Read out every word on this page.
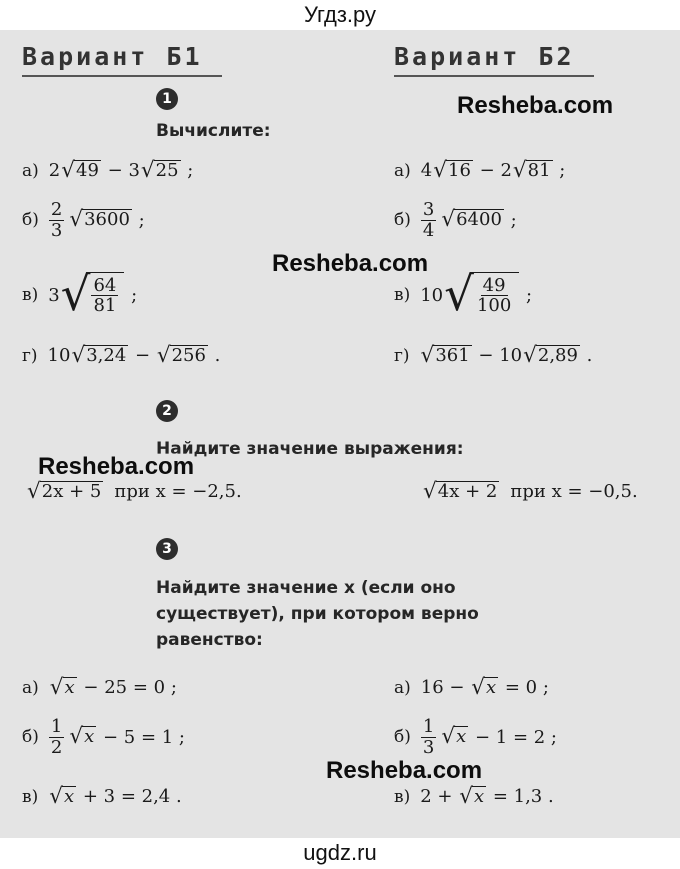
Угдз.ру
Вариант Б1	Вариант Б2
1
Вычислите:
а) 2 √ 49 − 3 √ 25 ;
$б) \frac{2}{3}$ √ 3600 ;
в) 3 √ $\frac{64}{81}$ ;
г) 10 √ 3,24 − √ 256 .
а) 4 √ 16 − 2 √ 81 ;
$б) \frac{3}{4}$ √ 6400 ;
в) 10 √ $\frac{49}{100}$ ;
г) √ 361 − 10 √ 2,89 .
2
Найдите значение выражения:
√ 2x + 5 при x = −2,5.	√ 4x + 2 при x = −0,5.
3
Найдите значение x (если оно
существует), при котором верно
равенство:
а) √ x − 25 = 0 ;
$б) \frac{1}{2}$ √ x − 5 = 1 ;
в) √ x + 3 = 2,4 .
а) 16 − √ x = 0 ;
$б) \frac{1}{3}$ √ x − 1 = 2 ;
в) 2 + √ x = 1,3 .
Resheba.com
Resheba.com
Resheba.com
Resheba.com
ugdz.ru
